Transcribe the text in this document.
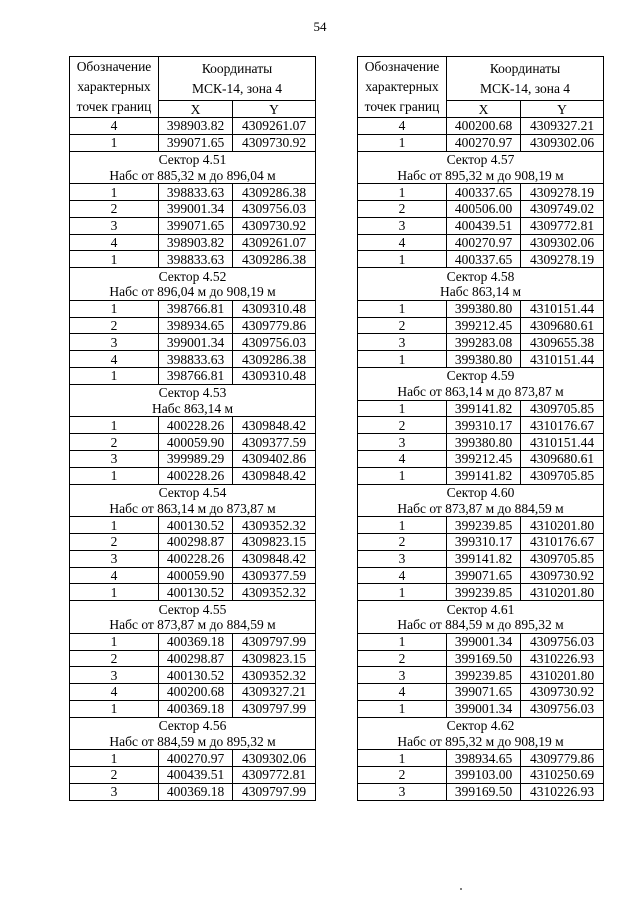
54
Обозначение
характерных
точек границ	Координаты
МСК-14, зона 4	

	X	Y
4	398903.82	4309261.07
1	399071.65	4309730.92
Сектор 4.51		
Набс от 885,32 м до 896,04 м		
1	398833.63	4309286.38
2	399001.34	4309756.03
3	399071.65	4309730.92
4	398903.82	4309261.07
1	398833.63	4309286.38
Сектор 4.52		
Набс от 896,04 м до 908,19 м		
1	398766.81	4309310.48
2	398934.65	4309779.86
3	399001.34	4309756.03
4	398833.63	4309286.38
1	398766.81	4309310.48
Сектор 4.53		
Набс 863,14 м		
1	400228.26	4309848.42
2	400059.90	4309377.59
3	399989.29	4309402.86
1	400228.26	4309848.42
Сектор 4.54		
Набс от 863,14 м до 873,87 м		
1	400130.52	4309352.32
2	400298.87	4309823.15
3	400228.26	4309848.42
4	400059.90	4309377.59
1	400130.52	4309352.32
Сектор 4.55		
Набс от 873,87 м до 884,59 м		
1	400369.18	4309797.99
2	400298.87	4309823.15
3	400130.52	4309352.32
4	400200.68	4309327.21
1	400369.18	4309797.99
Сектор 4.56		
Набс от 884,59 м до 895,32 м		
1	400270.97	4309302.06
2	400439.51	4309772.81
3	400369.18	4309797.99
Обозначение
характерных
точек границ	Координаты
МСК-14, зона 4	

	X	Y
4	400200.68	4309327.21
1	400270.97	4309302.06
Сектор 4.57		
Набс от 895,32 м до 908,19 м		
1	400337.65	4309278.19
2	400506.00	4309749.02
3	400439.51	4309772.81
4	400270.97	4309302.06
1	400337.65	4309278.19
Сектор 4.58		
Набс 863,14 м		
1	399380.80	4310151.44
2	399212.45	4309680.61
3	399283.08	4309655.38
1	399380.80	4310151.44
Сектор 4.59		
Набс от 863,14 м до 873,87 м		
1	399141.82	4309705.85
2	399310.17	4310176.67
3	399380.80	4310151.44
4	399212.45	4309680.61
1	399141.82	4309705.85
Сектор 4.60		
Набс от 873,87 м до 884,59 м		
1	399239.85	4310201.80
2	399310.17	4310176.67
3	399141.82	4309705.85
4	399071.65	4309730.92
1	399239.85	4310201.80
Сектор 4.61		
Набс от 884,59 м до 895,32 м		
1	399001.34	4309756.03
2	399169.50	4310226.93
3	399239.85	4310201.80
4	399071.65	4309730.92
1	399001.34	4309756.03
Сектор 4.62		
Набс от 895,32 м до 908,19 м		
1	398934.65	4309779.86
2	399103.00	4310250.69
3	399169.50	4310226.93
